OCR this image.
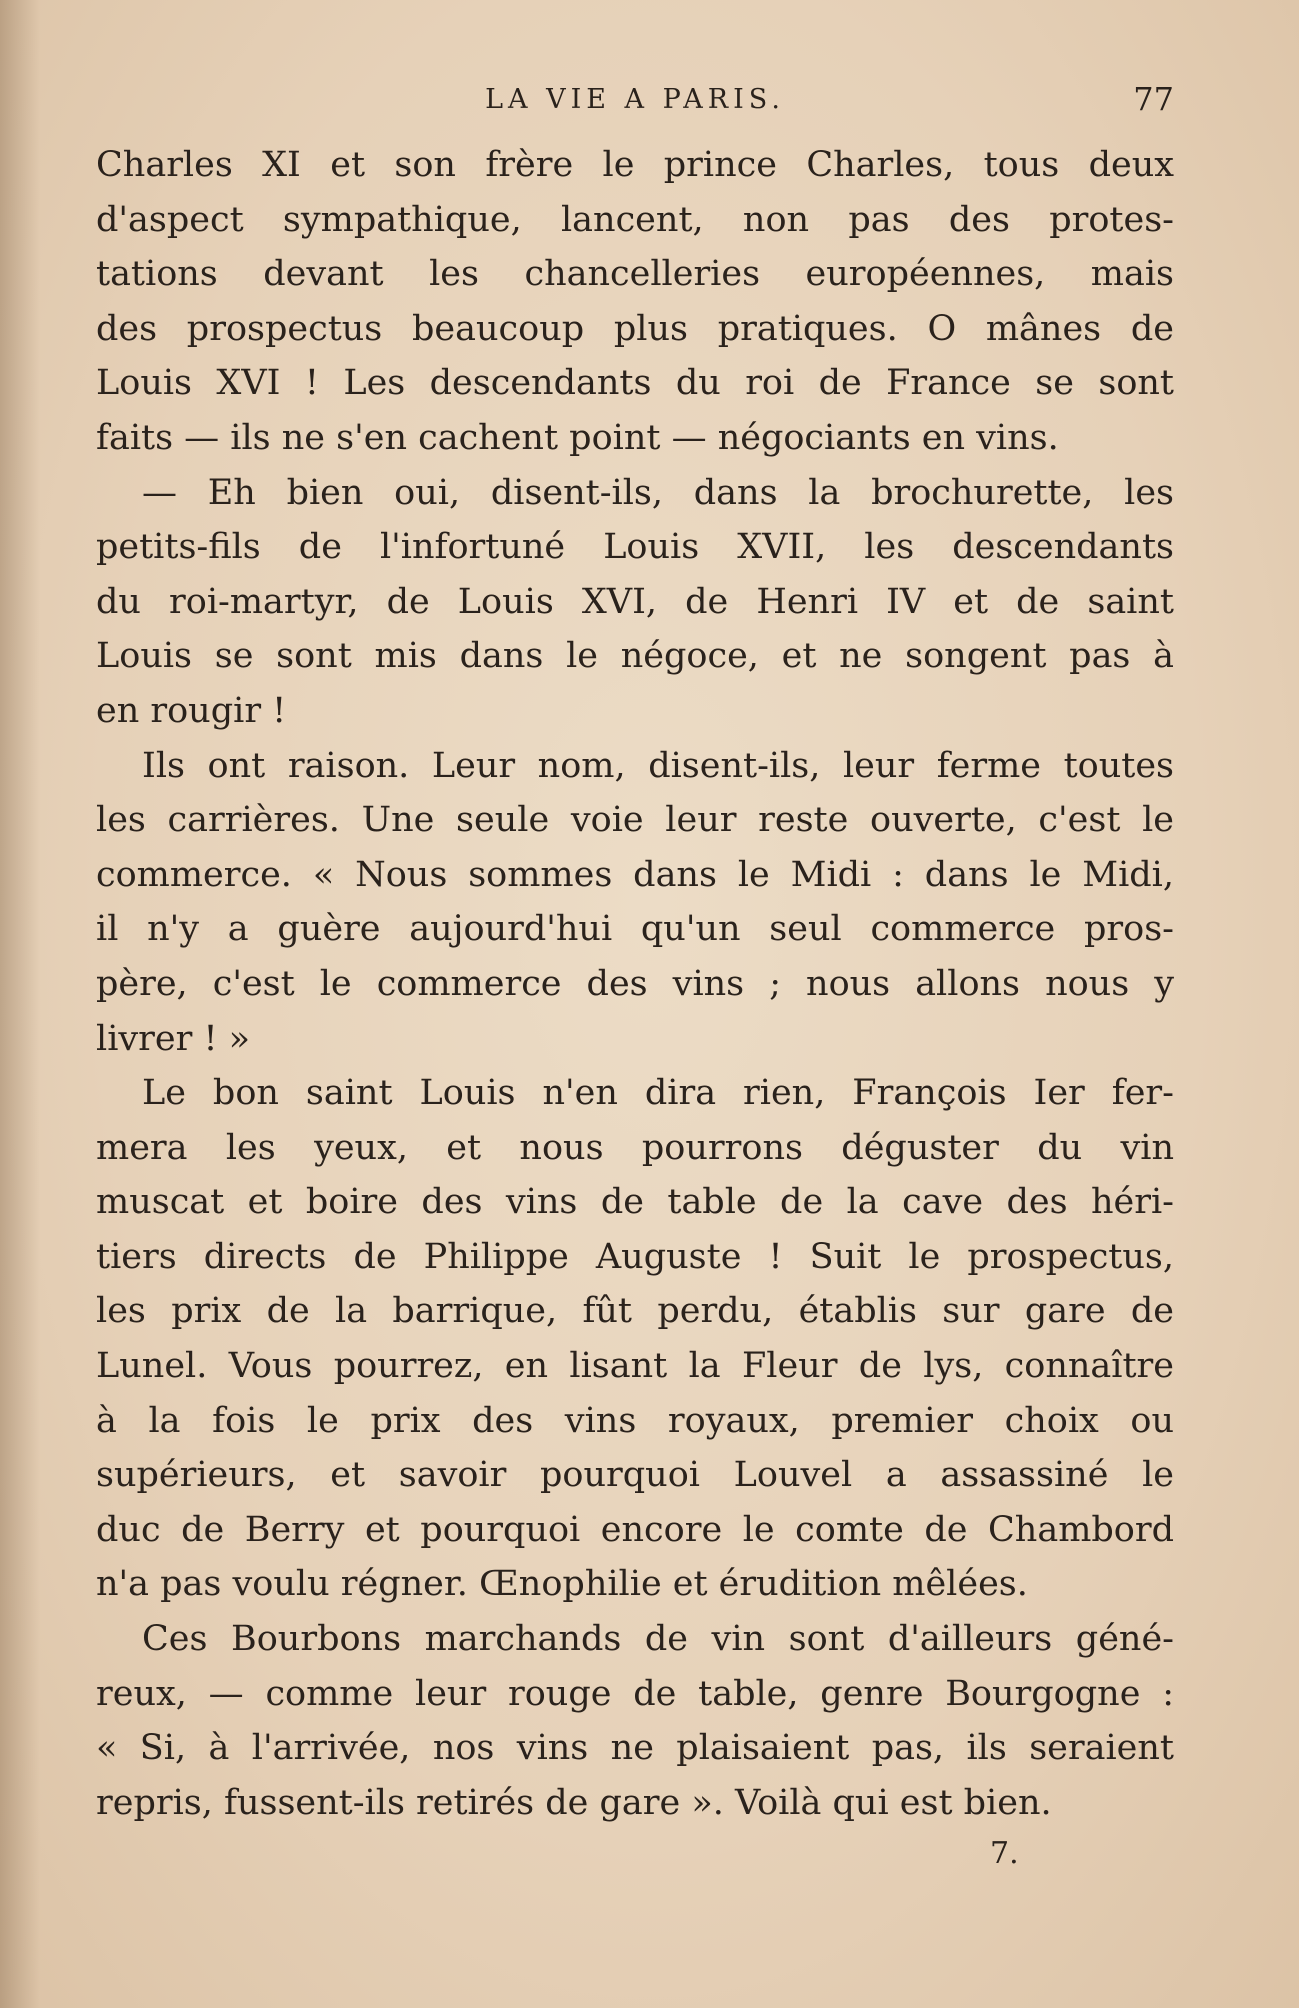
LA VIE A PARIS.	77
Charles XI et son frère le prince Charles, tous deux
d'aspect sympathique, lancent, non pas des protes-
tations devant les chancelleries européennes, mais
des prospectus beaucoup plus pratiques. O mânes de
Louis XVI ! Les descendants du roi de France se sont
faits — ils ne s'en cachent point — négociants en vins.
— Eh bien oui, disent-ils, dans la brochurette, les
petits-fils de l'infortuné Louis XVII, les descendants
du roi-martyr, de Louis XVI, de Henri IV et de saint
Louis se sont mis dans le négoce, et ne songent pas à
en rougir !
Ils ont raison. Leur nom, disent-ils, leur ferme toutes
les carrières. Une seule voie leur reste ouverte, c'est le
commerce. « Nous sommes dans le Midi : dans le Midi,
il n'y a guère aujourd'hui qu'un seul commerce pros-
père, c'est le commerce des vins ; nous allons nous y
livrer ! »
Le bon saint Louis n'en dira rien, François Ier fer-
mera les yeux, et nous pourrons déguster du vin
muscat et boire des vins de table de la cave des héri-
tiers directs de Philippe Auguste ! Suit le prospectus,
les prix de la barrique, fût perdu, établis sur gare de
Lunel. Vous pourrez, en lisant la Fleur de lys, connaître
à la fois le prix des vins royaux, premier choix ou
supérieurs, et savoir pourquoi Louvel a assassiné le
duc de Berry et pourquoi encore le comte de Chambord
n'a pas voulu régner. Œnophilie et érudition mêlées.
Ces Bourbons marchands de vin sont d'ailleurs géné-
reux, — comme leur rouge de table, genre Bourgogne :
« Si, à l'arrivée, nos vins ne plaisaient pas, ils seraient
repris, fussent-ils retirés de gare ». Voilà qui est bien.
7.
